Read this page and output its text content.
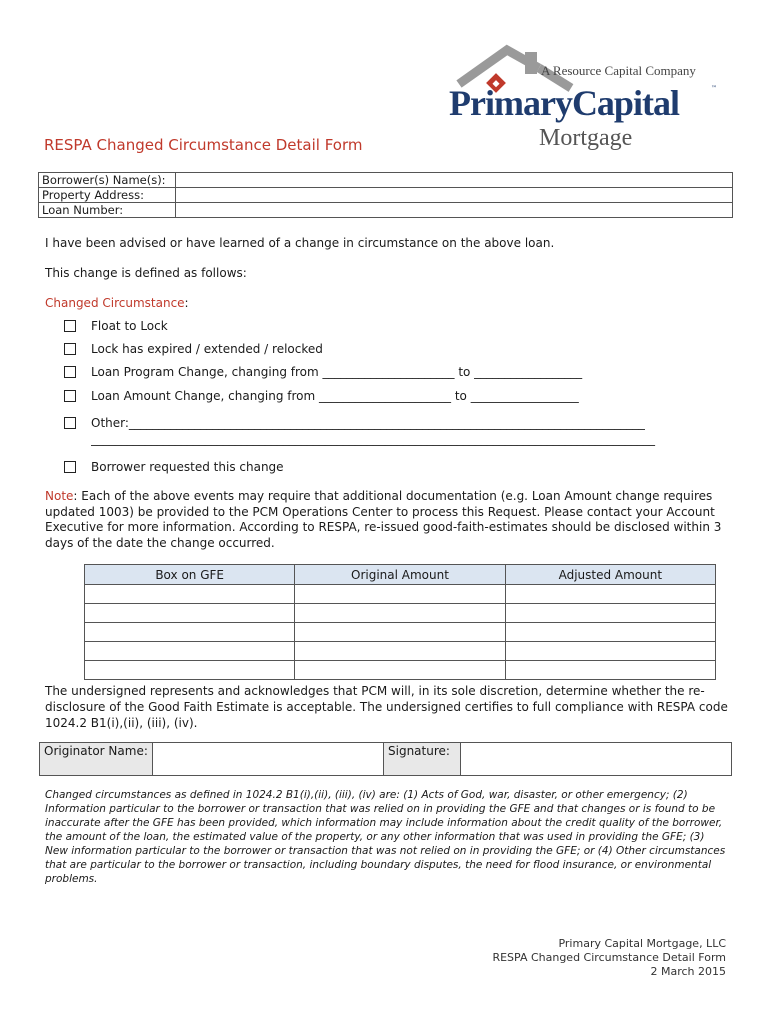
A Resource Capital Company
PrimaryCapital	™
Mortgage
RESPA Changed Circumstance Detail Form
Borrower(s) Name(s):	
Property Address:	
Loan Number:	
I have been advised or have learned of a change in circumstance on the above loan.
This change is defined as follows:
Changed Circumstance:
Float to Lock
Lock has expired / extended / relocked
Loan Program Change, changing from ______________________ to __________________
Loan Amount Change, changing from ______________________ to __________________
Other:______________________________________________________________________________________
______________________________________________________________________________________________
Borrower requested this change
Note: Each of the above events may require that additional documentation (e.g. Loan Amount change requires updated 1003) be provided to the PCM Operations Center to process this Request. Please contact your Account Executive for more information. According to RESPA, re-issued good-faith-estimates should be disclosed within 3 days of the date the change occurred.
Box on GFE	Original Amount	Adjusted Amount

The undersigned represents and acknowledges that PCM will, in its sole discretion, determine whether the re-disclosure of the Good Faith Estimate is acceptable. The undersigned certifies to full compliance with RESPA code 1024.2 B1(i),(ii), (iii), (iv).
Originator Name:		Signature:	
Changed circumstances as defined in 1024.2 B1(i),(ii), (iii), (iv) are: (1) Acts of God, war, disaster, or other emergency; (2) Information particular to the borrower or transaction that was relied on in providing the GFE and that changes or is found to be inaccurate after the GFE has been provided, which information may include information about the credit quality of the borrower, the amount of the loan, the estimated value of the property, or any other information that was used in providing the GFE; (3) New information particular to the borrower or transaction that was not relied on in providing the GFE; or (4) Other circumstances that are particular to the borrower or transaction, including boundary disputes, the need for flood insurance, or environmental problems.
Primary Capital Mortgage, LLC
RESPA Changed Circumstance Detail Form
2 March 2015
